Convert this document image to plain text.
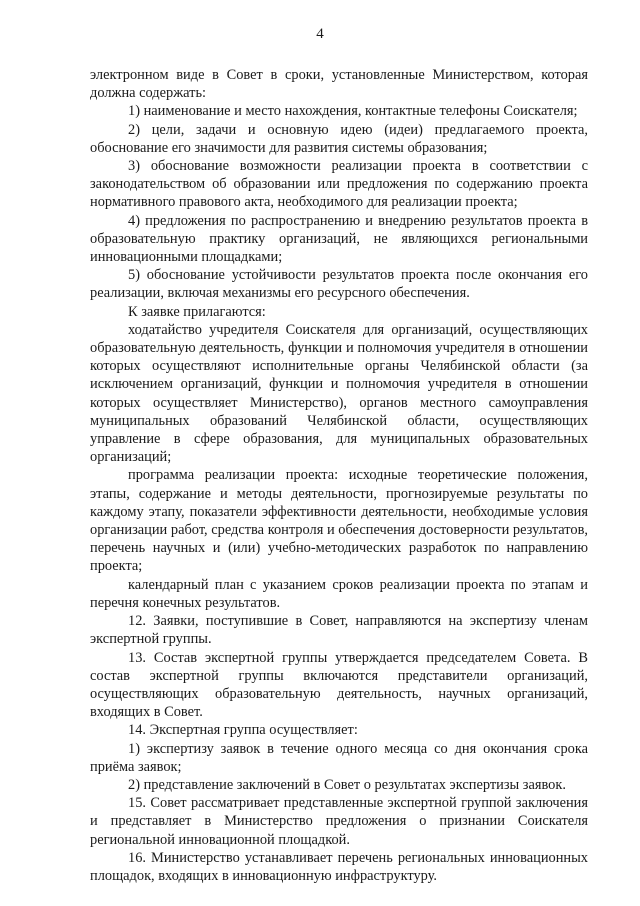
4

электронном виде в Совет в сроки, установленные Министерством, которая должна содержать:

1) наименование и место нахождения, контактные телефоны Соискателя;

2) цели, задачи и основную идею (идеи) предлагаемого проекта, обоснование его значимости для развития системы образования;

3) обоснование возможности реализации проекта в соответствии с законодательством об образовании или предложения по содержанию проекта нормативного правового акта, необходимого для реализации проекта;

4) предложения по распространению и внедрению результатов проекта в образовательную практику организаций, не являющихся региональными инновационными площадками;

5) обоснование устойчивости результатов проекта после окончания его реализации, включая механизмы его ресурсного обеспечения.

К заявке прилагаются:

ходатайство учредителя Соискателя для организаций, осуществляющих образовательную деятельность, функции и полномочия учредителя в отношении которых осуществляют исполнительные органы Челябинской области (за исключением организаций, функции и полномочия учредителя в отношении которых осуществляет Министерство), органов местного самоуправления муниципальных образований Челябинской области, осуществляющих управление в сфере образования, для муниципальных образовательных организаций;

программа реализации проекта: исходные теоретические положения, этапы, содержание и методы деятельности, прогнозируемые результаты по каждому этапу, показатели эффективности деятельности, необходимые условия организации работ, средства контроля и обеспечения достоверности результатов, перечень научных и (или) учебно-методических разработок по направлению проекта;

календарный план с указанием сроков реализации проекта по этапам и перечня конечных результатов.

12. Заявки, поступившие в Совет, направляются на экспертизу членам экспертной группы.

13. Состав экспертной группы утверждается председателем Совета. В состав экспертной группы включаются представители организаций, осуществляющих образовательную деятельность, научных организаций, входящих в Совет.

14. Экспертная группа осуществляет:

1) экспертизу заявок в течение одного месяца со дня окончания срока приёма заявок;

2) представление заключений в Совет о результатах экспертизы заявок.

15. Совет рассматривает представленные экспертной группой заключения и представляет в Министерство предложения о признании Соискателя региональной инновационной площадкой.

16. Министерство устанавливает перечень региональных инновационных площадок, входящих в инновационную инфраструктуру.
